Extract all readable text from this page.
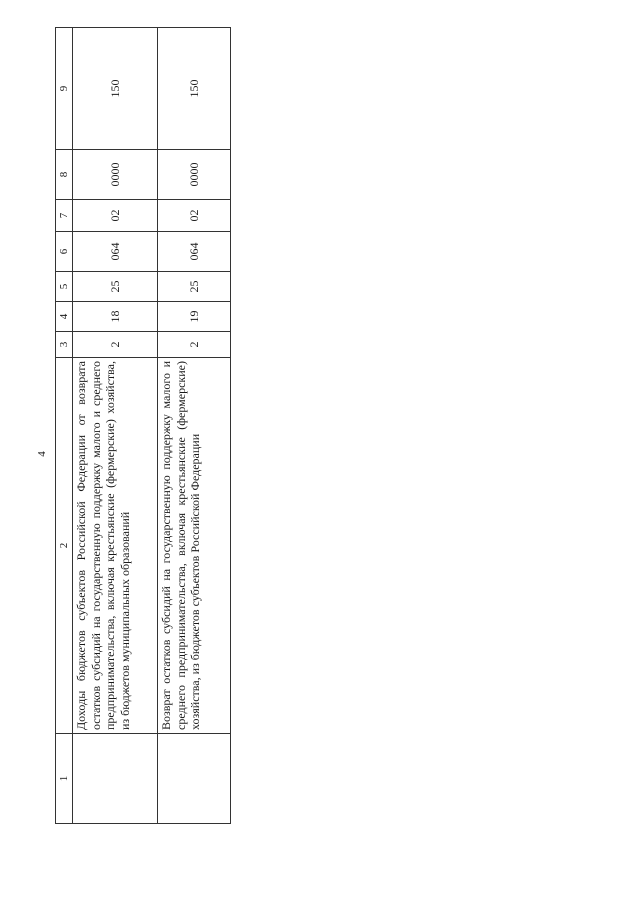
4
1	2	3	4	5	6	7	8	9
	Доходы бюджетов субъектов Российской Федерации от возврата остатков субсидий на государственную поддержку малого и среднего предпринимательства, включая крестьянские (фермерские) хозяйства, из бюджетов муниципальных образований	2	18	25	064	02	0000	150
	Возврат остатков субсидий на государственную поддержку малого и среднего предпринимательства, включая крестьянские (фермерские) хозяйства, из бюджетов субъектов Российской Федерации	2	19	25	064	02	0000	150
